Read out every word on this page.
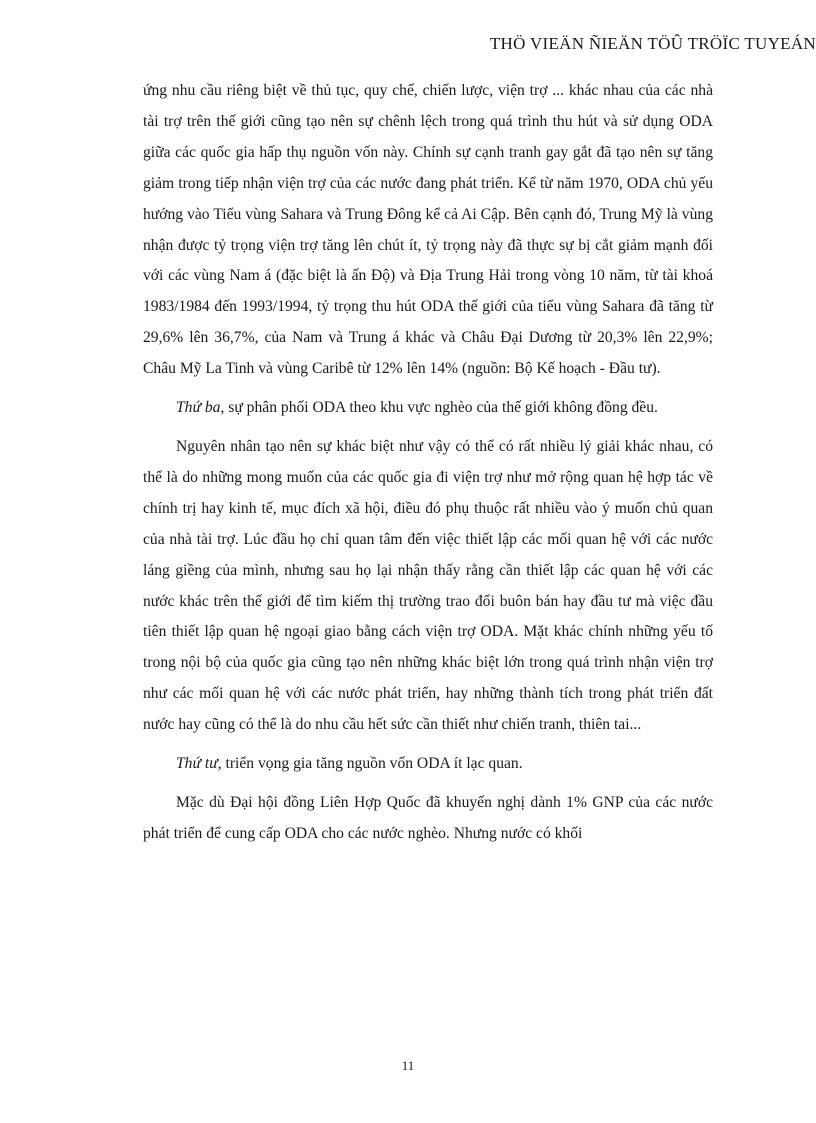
THÖ VIEÄN ÑIEÄN TÖÛ TRÖÏC TUYEÁN

ứng nhu cầu riêng biệt về thủ tục, quy chế, chiến lược, viện trợ ... khác nhau của các nhà tài trợ trên thế giới cũng tạo nên sự chênh lệch trong quá trình thu hút và sử dụng ODA giữa các quốc gia hấp thụ nguồn vốn này. Chính sự cạnh tranh gay gắt đã tạo nên sự tăng giảm trong tiếp nhận viện trợ của các nước đang phát triển. Kể từ năm 1970, ODA chủ yếu hướng vào Tiểu vùng Sahara và Trung Đông kể cả Ai Cập. Bên cạnh đó, Trung Mỹ là vùng nhận được tỷ trọng viện trợ tăng lên chút ít, tỷ trọng này đã thực sự bị cắt giảm mạnh đối với các vùng Nam á (đặc biệt là ấn Độ) và Địa Trung Hải trong vòng 10 năm, từ tài khoá 1983/1984 đến 1993/1994, tỷ trọng thu hút ODA thế giới của tiểu vùng Sahara đã tăng từ 29,6% lên 36,7%, của Nam và Trung á khác và Châu Đại Dương từ 20,3% lên 22,9%; Châu Mỹ La Tinh và vùng Caribê từ 12% lên 14% (nguồn: Bộ Kế hoạch - Đầu tư).

Thứ ba, sự phân phối ODA theo khu vực nghèo của thế giới không đồng đều.

Nguyên nhân tạo nên sự khác biệt như vậy có thể có rất nhiều lý giải khác nhau, có thể là do những mong muốn của các quốc gia đi viện trợ như mở rộng quan hệ hợp tác về chính trị hay kinh tế, mục đích xã hội, điều đó phụ thuộc rất nhiều vào ý muốn chủ quan của nhà tài trợ. Lúc đầu họ chỉ quan tâm đến việc thiết lập các mối quan hệ với các nước láng giềng của mình, nhưng sau họ lại nhận thấy rằng cần thiết lập các quan hệ với các nước khác trên thế giới để tìm kiếm thị trường trao đổi buôn bán hay đầu tư mà việc đầu tiên thiết lập quan hệ ngoại giao bằng cách viện trợ ODA. Mặt khác chính những yếu tố trong nội bộ của quốc gia cũng tạo nên những khác biệt lớn trong quá trình nhận viện trợ như các mối quan hệ với các nước phát triển, hay những thành tích trong phát triển đất nước hay cũng có thể là do nhu cầu hết sức cần thiết như chiến tranh, thiên tai...

Thứ tư, triển vọng gia tăng nguồn vốn ODA ít lạc quan.

Mặc dù Đại hội đồng Liên Hợp Quốc đã khuyến nghị dành 1% GNP của các nước phát triển để cung cấp ODA cho các nước nghèo. Nhưng nước có khối

11
